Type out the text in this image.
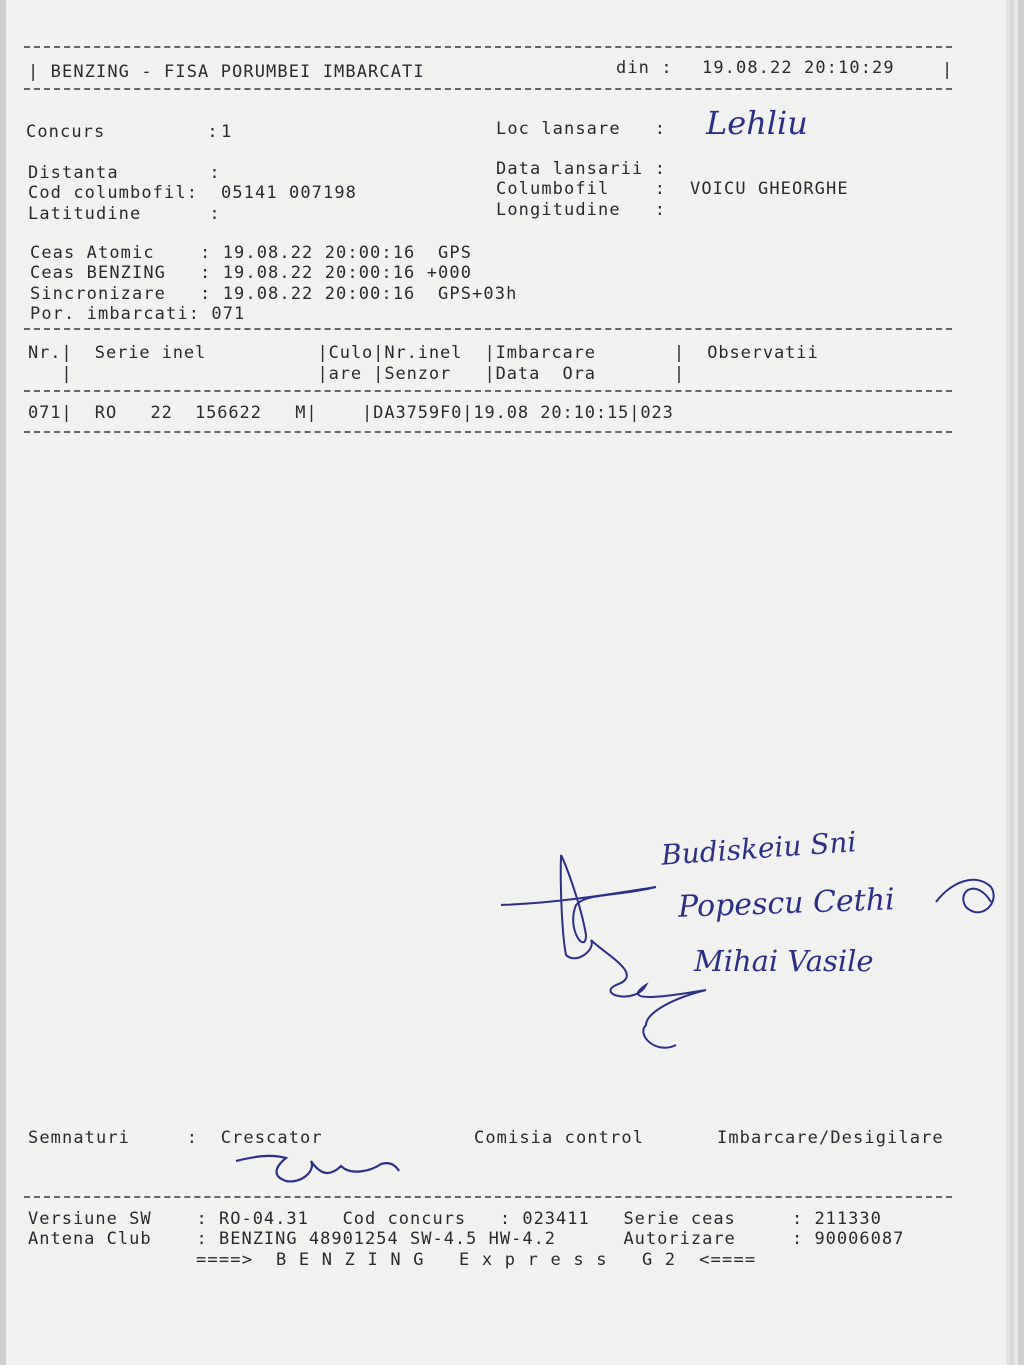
| BENZING - FISA PORUMBEI IMBARCATI	din : 19.08.22 20:10:29	|
Concurs         : 1
Distanta        :
Cod columbofil: 05141 007198
Latitudine      :
Loc lansare   : Lehliu
Data lansarii :
Columbofil    : VOICU GHEORGHE
Longitudine   :
Ceas Atomic    : 19.08.22 20:00:16  GPS
Ceas BENZING   : 19.08.22 20:00:16 +000
Sincronizare   : 19.08.22 20:00:16  GPS+03h
Por. imbarcati: 071
Nr.|  Serie inel          |Culo|Nr.inel  |Imbarcare       |  Observatii
|                      |are |Senzor   |Data  Ora       |
071|  RO   22  156622   M|    |DA3759F0|19.08 20:10:15|023
Budiskeiu Sni
Popescu Cethi
Mihai Vasile
Semnaturi     :  Crescator	Comisia control	Imbarcare/Desigilare
Versiune SW    : RO-04.31   Cod concurs   : 023411   Serie ceas     : 211330
Antena Club    : BENZING 48901254 SW-4.5 HW-4.2      Autorizare     : 90006087
====>  B E N Z I N G   E x p r e s s   G 2  <====
